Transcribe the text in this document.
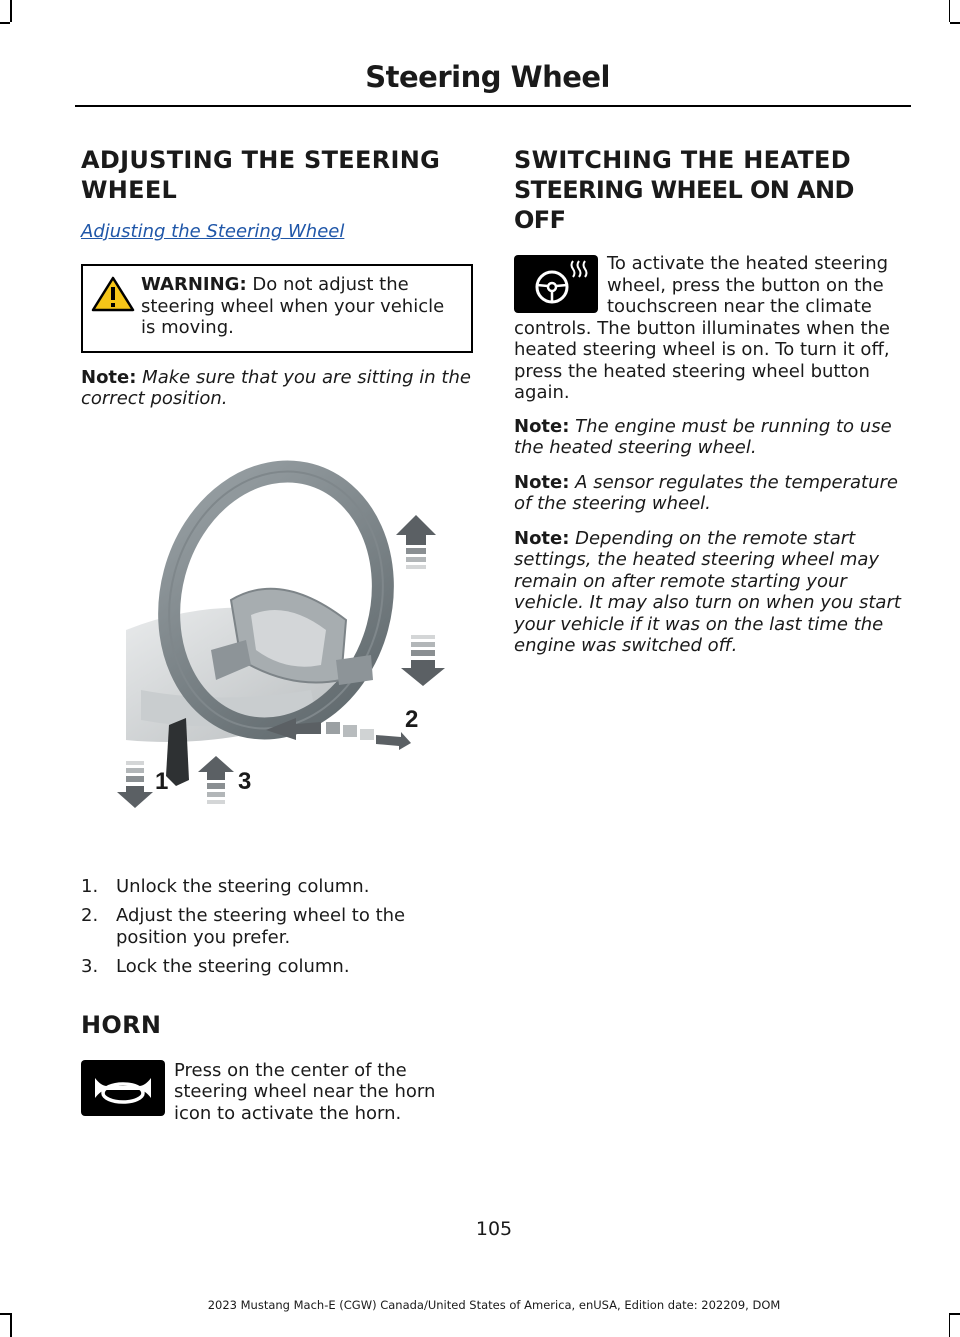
Steering Wheel
ADJUSTING THE STEERING
WHEEL
Adjusting the Steering Wheel
WARNING: Do not adjust the steering wheel when your vehicle is moving.

Note: Make sure that you are sitting in the correct position.

1
2
3
1. Unlock the steering column.
2. Adjust the steering wheel to the position you prefer.
3. Lock the steering column.
HORN

Press on the center of the steering wheel near the horn icon to activate the horn.

SWITCHING THE HEATED
STEERING WHEEL ON AND OFF

To activate the heated steering wheel, press the button on the touchscreen near the climate controls. The button illuminates when the heated steering wheel is on. To turn it off, press the heated steering wheel button again.

Note: The engine must be running to use the heated steering wheel.

Note: A sensor regulates the temperature of the steering wheel.

Note: Depending on the remote start settings, the heated steering wheel may remain on after remote starting your vehicle. It may also turn on when you start your vehicle if it was on the last time the engine was switched off.

105
2023 Mustang Mach-E (CGW) Canada/United States of America, enUSA, Edition date: 202209, DOM
